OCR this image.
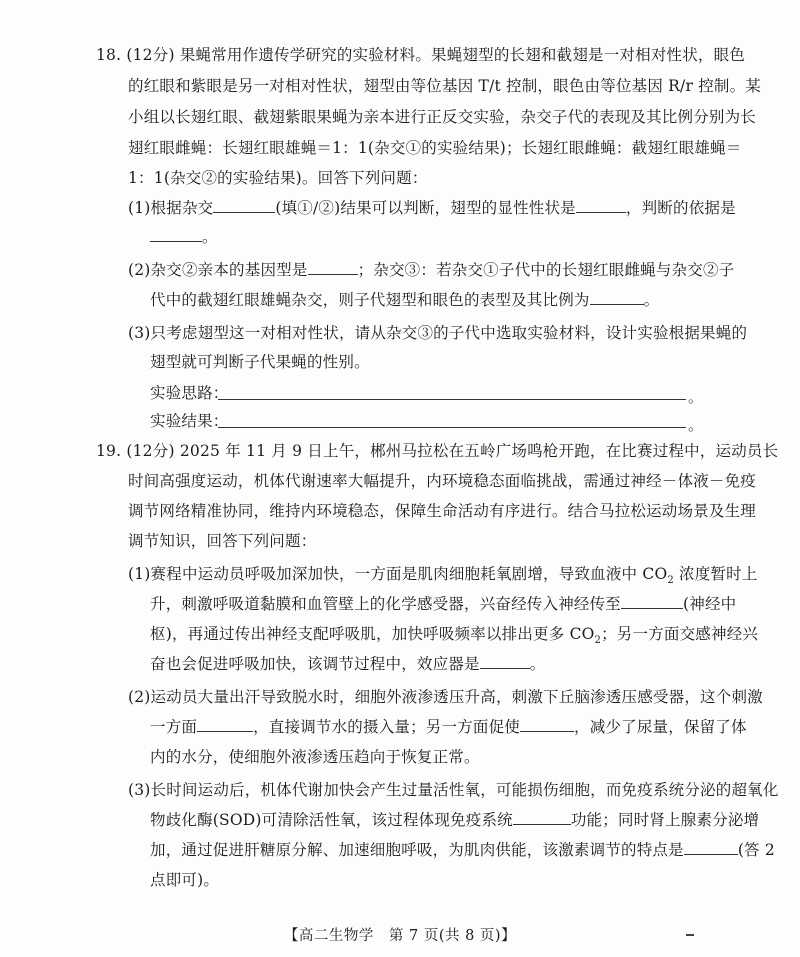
18. (12分) 果蝇常用作遗传学研究的实验材料。果蝇翅型的长翅和截翅是一对相对性状，眼色
的红眼和紫眼是另一对相对性状，翅型由等位基因 T/t 控制，眼色由等位基因 R/r 控制。某
小组以长翅红眼、截翅紫眼果蝇为亲本进行正反交实验，杂交子代的表现及其比例分别为长
翅红眼雌蝇：长翅红眼雄蝇＝1：1(杂交①的实验结果)；长翅红眼雌蝇：截翅红眼雄蝇＝
1：1(杂交②的实验结果)。回答下列问题：
(1)根据杂交	(填①/②)结果可以判断，翅型的显性性状是	，判断的依据是
。
(2)杂交②亲本的基因型是	；杂交③：若杂交①子代中的长翅红眼雌蝇与杂交②子
代中的截翅红眼雄蝇杂交，则子代翅型和眼色的表型及其比例为	。
(3)只考虑翅型这一对相对性状，请从杂交③的子代中选取实验材料，设计实验根据果蝇的
翅型就可判断子代果蝇的性别。
实验思路：	。
实验结果：	。
19. (12分) 2025 年 11 月 9 日上午，郴州马拉松在五岭广场鸣枪开跑，在比赛过程中，运动员长
时间高强度运动，机体代谢速率大幅提升，内环境稳态面临挑战，需通过神经－体液－免疫
调节网络精准协同，维持内环境稳态，保障生命活动有序进行。结合马拉松运动场景及生理
调节知识，回答下列问题：
(1)赛程中运动员呼吸加深加快，一方面是肌肉细胞耗氧剧增，导致血液中 $CO_2$ 浓度暂时上
升，刺激呼吸道黏膜和血管壁上的化学感受器，兴奋经传入神经传至	(神经中
枢)，再通过传出神经支配呼吸肌，加快呼吸频率以排出更多 $CO_2$；另一方面交感神经兴
奋也会促进呼吸加快，该调节过程中，效应器是	。
(2)运动员大量出汗导致脱水时，细胞外液渗透压升高，刺激下丘脑渗透压感受器，这个刺激
一方面	，直接调节水的摄入量；另一方面促使	，减少了尿量，保留了体
内的水分，使细胞外液渗透压趋向于恢复正常。
(3)长时间运动后，机体代谢加快会产生过量活性氧，可能损伤细胞，而免疫系统分泌的超氧化
物歧化酶(SOD)可清除活性氧，该过程体现免疫系统	功能；同时肾上腺素分泌增
加，通过促进肝糖原分解、加速细胞呼吸，为肌肉供能，该激素调节的特点是	(答 2
点即可)。
【高二生物学　第 7 页(共 8 页)】
